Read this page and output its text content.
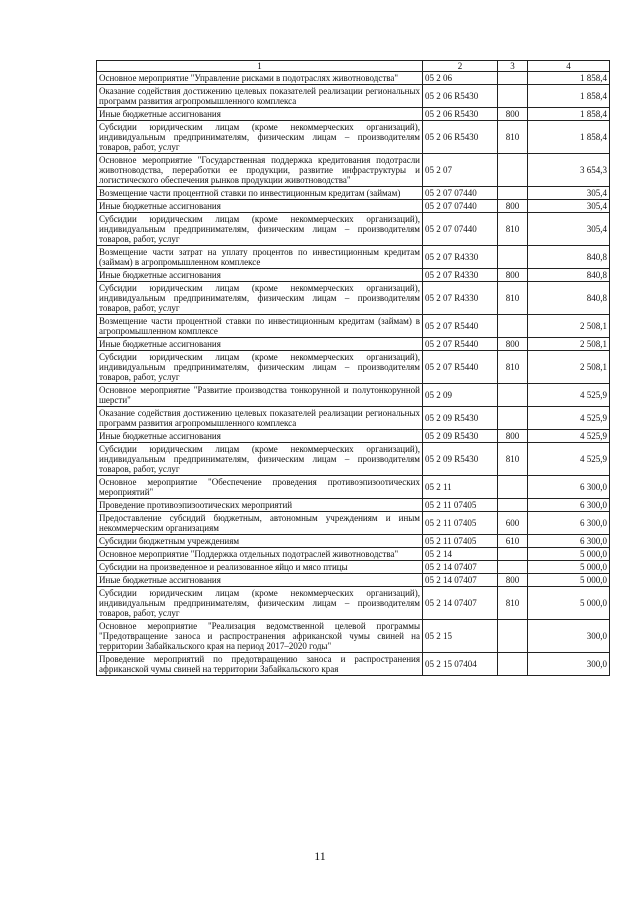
1	2	3	4
Основное мероприятие "Управление рисками в подотраслях животноводства"	05 2 06		1 858,4
Оказание содействия достижению целевых показателей реализации региональных программ развития агропромышленного комплекса	05 2 06 R5430		1 858,4
Иные бюджетные ассигнования	05 2 06 R5430	800	1 858,4
Субсидии юридическим лицам (кроме некоммерческих организаций), индивидуальным предпринимателям, физическим лицам – производителям товаров, работ, услуг	05 2 06 R5430	810	1 858,4
Основное мероприятие "Государственная поддержка кредитования подотрасли животноводства, переработки ее продукции, развитие инфраструктуры и логистического обеспечения рынков продукции животноводства"	05 2 07		3 654,3
Возмещение части процентной ставки по инвестиционным кредитам (займам)	05 2 07 07440		305,4
Иные бюджетные ассигнования	05 2 07 07440	800	305,4
Субсидии юридическим лицам (кроме некоммерческих организаций), индивидуальным предпринимателям, физическим лицам – производителям товаров, работ, услуг	05 2 07 07440	810	305,4
Возмещение части затрат на уплату процентов по инвестиционным кредитам (займам) в агропромышленном комплексе	05 2 07 R4330		840,8
Иные бюджетные ассигнования	05 2 07 R4330	800	840,8
Субсидии юридическим лицам (кроме некоммерческих организаций), индивидуальным предпринимателям, физическим лицам – производителям товаров, работ, услуг	05 2 07 R4330	810	840,8
Возмещение части процентной ставки по инвестиционным кредитам (займам) в агропромышленном комплексе	05 2 07 R5440		2 508,1
Иные бюджетные ассигнования	05 2 07 R5440	800	2 508,1
Субсидии юридическим лицам (кроме некоммерческих организаций), индивидуальным предпринимателям, физическим лицам – производителям товаров, работ, услуг	05 2 07 R5440	810	2 508,1
Основное мероприятие "Развитие производства тонкорунной и полутонкорунной шерсти"	05 2 09		4 525,9
Оказание содействия достижению целевых показателей реализации региональных программ развития агропромышленного комплекса	05 2 09 R5430		4 525,9
Иные бюджетные ассигнования	05 2 09 R5430	800	4 525,9
Субсидии юридическим лицам (кроме некоммерческих организаций), индивидуальным предпринимателям, физическим лицам – производителям товаров, работ, услуг	05 2 09 R5430	810	4 525,9
Основное мероприятие "Обеспечение проведения противоэпизоотических мероприятий"	05 2 11		6 300,0
Проведение противоэпизоотических мероприятий	05 2 11 07405		6 300,0
Предоставление субсидий бюджетным, автономным учреждениям и иным некоммерческим организациям	05 2 11 07405	600	6 300,0
Субсидии бюджетным учреждениям	05 2 11 07405	610	6 300,0
Основное мероприятие "Поддержка отдельных подотраслей животноводства"	05 2 14		5 000,0
Субсидии на произведенное и реализованное яйцо и мясо птицы	05 2 14 07407		5 000,0
Иные бюджетные ассигнования	05 2 14 07407	800	5 000,0
Субсидии юридическим лицам (кроме некоммерческих организаций), индивидуальным предпринимателям, физическим лицам – производителям товаров, работ, услуг	05 2 14 07407	810	5 000,0
Основное мероприятие "Реализация ведомственной целевой программы "Предотвращение заноса и распространения африканской чумы свиней на территории Забайкальского края на период 2017–2020 годы"	05 2 15		300,0
Проведение мероприятий по предотвращению заноса и распространения африканской чумы свиней на территории Забайкальского края	05 2 15 07404		300,0
11
